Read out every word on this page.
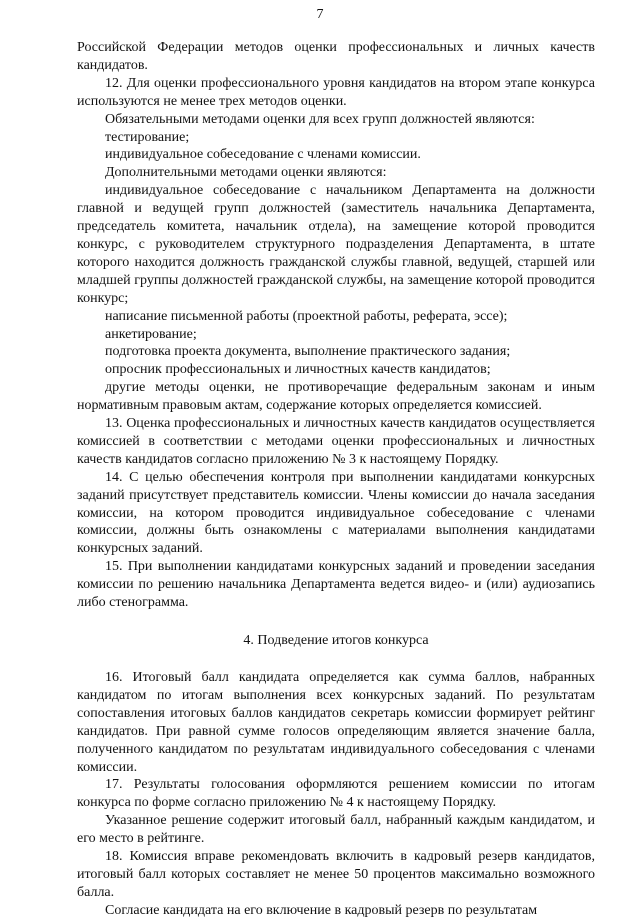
7

Российской Федерации методов оценки профессиональных и личных качеств кандидатов.

12. Для оценки профессионального уровня кандидатов на втором этапе конкурса используются не менее трех методов оценки.

Обязательными методами оценки для всех групп должностей являются:

тестирование;

индивидуальное собеседование с членами комиссии.

Дополнительными методами оценки являются:

индивидуальное собеседование с начальником Департамента на должности главной и ведущей групп должностей (заместитель начальника Департамента, председатель комитета, начальник отдела), на замещение которой проводится конкурс, с руководителем структурного подразделения Департамента, в штате которого находится должность гражданской службы главной, ведущей, старшей или младшей группы должностей гражданской службы, на замещение которой проводится конкурс;

написание письменной работы (проектной работы, реферата, эссе);

анкетирование;

подготовка проекта документа, выполнение практического задания;

опросник профессиональных и личностных качеств кандидатов;

другие методы оценки, не противоречащие федеральным законам и иным нормативным правовым актам, содержание которых определяется комиссией.

13. Оценка профессиональных и личностных качеств кандидатов осуществляется комиссией в соответствии с методами оценки профессиональных и личностных качеств кандидатов согласно приложению № 3 к настоящему Порядку.

14. С целью обеспечения контроля при выполнении кандидатами конкурсных заданий присутствует представитель комиссии. Члены комиссии до начала заседания комиссии, на котором проводится индивидуальное собеседование с членами комиссии, должны быть ознакомлены с материалами выполнения кандидатами конкурсных заданий.

15. При выполнении кандидатами конкурсных заданий и проведении заседания комиссии по решению начальника Департамента ведется видео- и (или) аудиозапись либо стенограмма.

4. Подведение итогов конкурса

16. Итоговый балл кандидата определяется как сумма баллов, набранных кандидатом по итогам выполнения всех конкурсных заданий. По результатам сопоставления итоговых баллов кандидатов секретарь комиссии формирует рейтинг кандидатов. При равной сумме голосов определяющим является значение балла, полученного кандидатом по результатам индивидуального собеседования с членами комиссии.

17. Результаты голосования оформляются решением комиссии по итогам конкурса по форме согласно приложению № 4 к настоящему Порядку.

Указанное решение содержит итоговый балл, набранный каждым кандидатом, и его место в рейтинге.

18. Комиссия вправе рекомендовать включить в кадровый резерв кандидатов, итоговый балл которых составляет не менее 50 процентов максимально возможного балла.

Согласие кандидата на его включение в кадровый резерв по результатам
